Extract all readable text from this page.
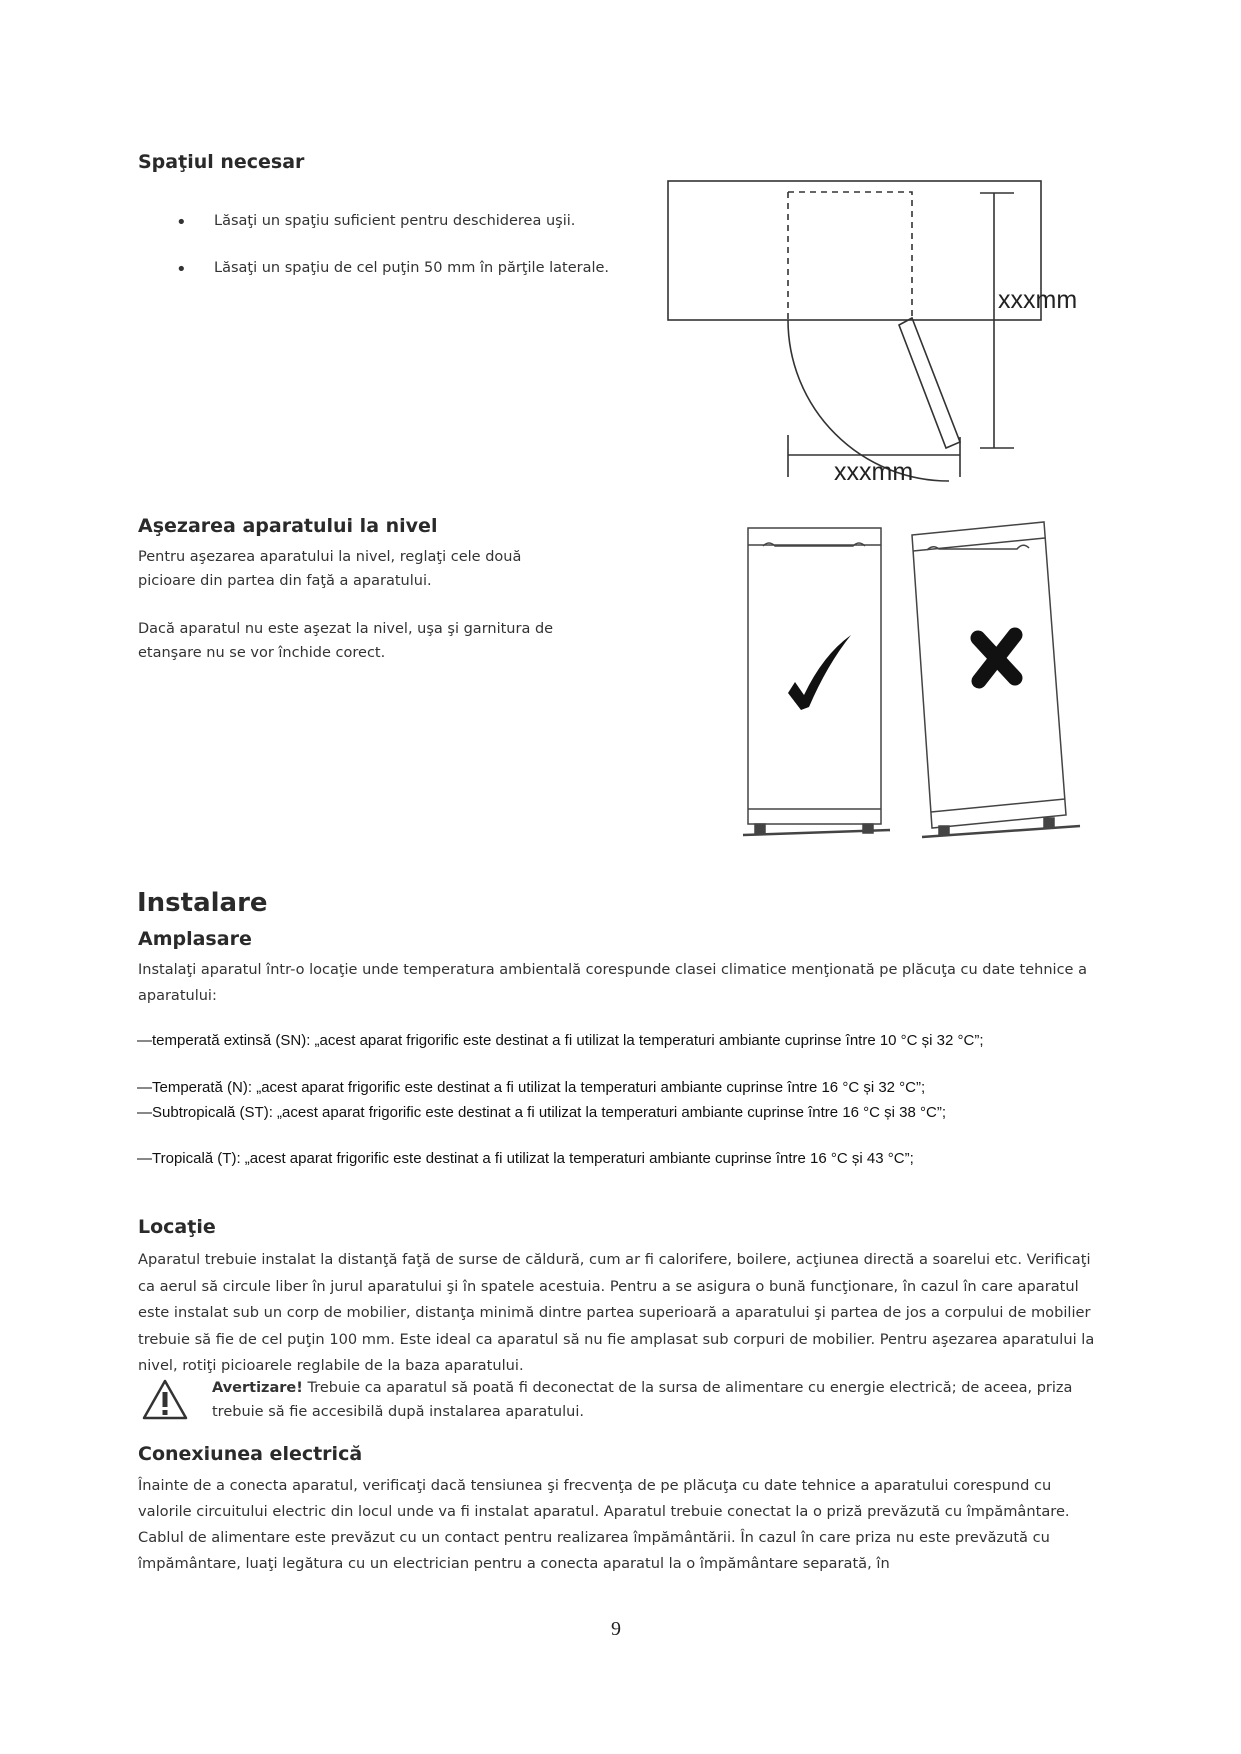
Spaţiul necesar
• Lăsaţi un spaţiu suficient pentru deschiderea uşii.
• Lăsaţi un spaţiu de cel puţin 50 mm în părţile laterale.
xxxmm
xxxmm
Aşezarea aparatului la nivel

Pentru aşezarea aparatului la nivel, reglaţi cele două picioare din partea din faţă a aparatului.

Dacă aparatul nu este aşezat la nivel, uşa şi garnitura de etanşare nu se vor închide corect.

Instalare
Amplasare

Instalaţi aparatul într-o locaţie unde temperatura ambientală corespunde clasei climatice menţionată pe plăcuţa cu date tehnice a aparatului:

—temperată extinsă (SN): „acest aparat frigorific este destinat a fi utilizat la temperaturi ambiante cuprinse între 10 °C și 32 °C”;

—Temperată (N): „acest aparat frigorific este destinat a fi utilizat la temperaturi ambiante cuprinse între 16 °C și 32 °C”;

—Subtropicală (ST): „acest aparat frigorific este destinat a fi utilizat la temperaturi ambiante cuprinse între 16 °C și 38 °C”;

—Tropicală (T): „acest aparat frigorific este destinat a fi utilizat la temperaturi ambiante cuprinse între 16 °C și 43 °C”;

Locaţie

Aparatul trebuie instalat la distanţă faţă de surse de căldură, cum ar fi calorifere, boilere, acţiunea directă a soarelui etc. Verificaţi ca aerul să circule liber în jurul aparatului şi în spatele acestuia. Pentru a se asigura o bună funcţionare, în cazul în care aparatul este instalat sub un corp de mobilier, distanţa minimă dintre partea superioară a aparatului şi partea de jos a corpului de mobilier trebuie să fie de cel puţin 100 mm. Este ideal ca aparatul să nu fie amplasat sub corpuri de mobilier. Pentru aşezarea aparatului la nivel, rotiţi picioarele reglabile de la baza aparatului.

Avertizare! Trebuie ca aparatul să poată fi deconectat de la sursa de alimentare cu energie electrică; de aceea, priza trebuie să fie accesibilă după instalarea aparatului.

Conexiunea electrică

Înainte de a conecta aparatul, verificaţi dacă tensiunea şi frecvenţa de pe plăcuţa cu date tehnice a aparatului corespund cu valorile circuitului electric din locul unde va fi instalat aparatul. Aparatul trebuie conectat la o priză prevăzută cu împământare. Cablul de alimentare este prevăzut cu un contact pentru realizarea împământării. În cazul în care priza nu este prevăzută cu împământare, luaţi legătura cu un electrician pentru a conecta aparatul la o împământare separată, în

9
